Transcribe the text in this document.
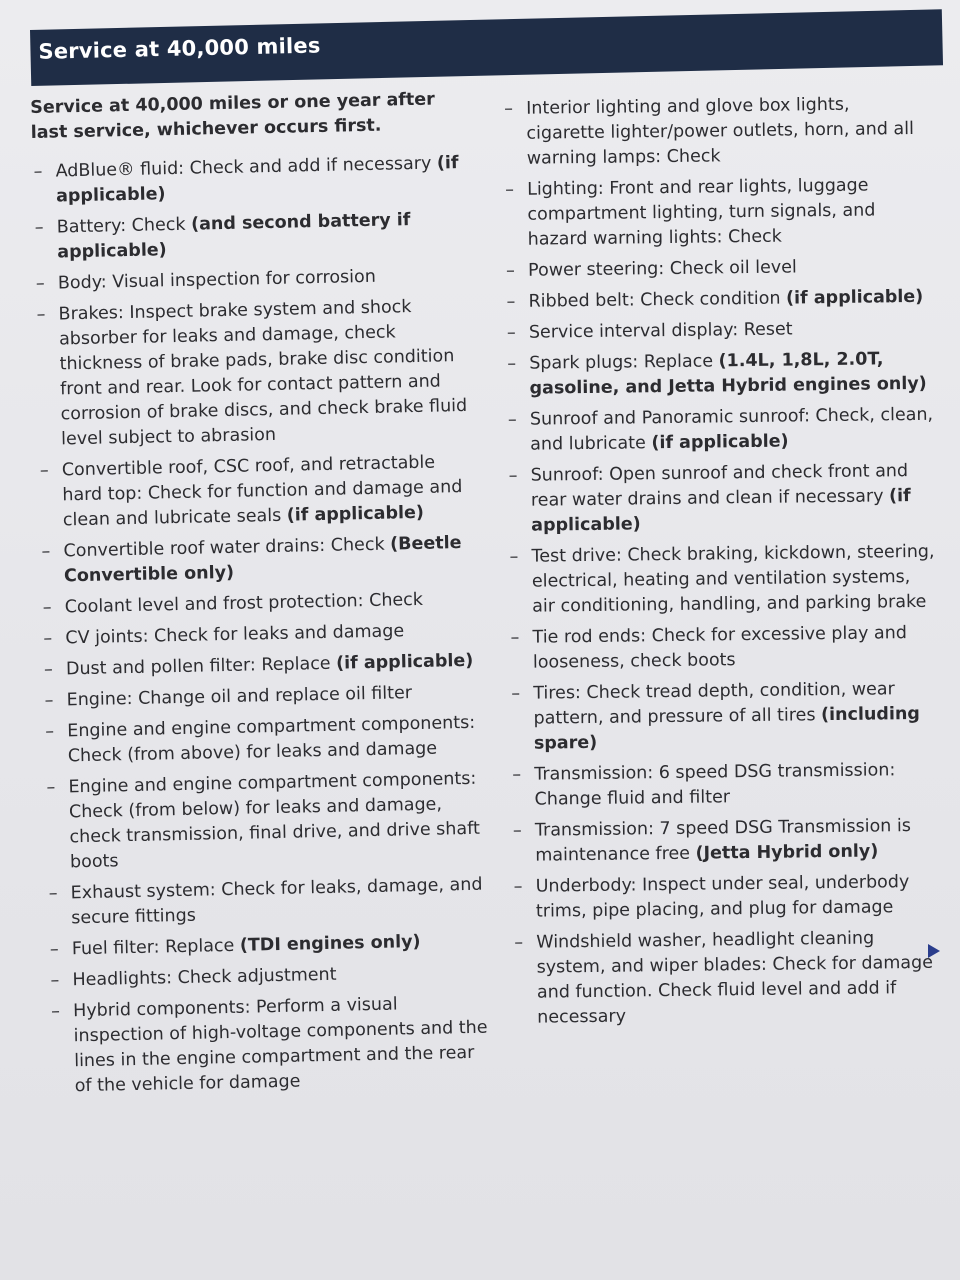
Service at 40,000 miles

Service at 40,000 miles or one year after last service, whichever occurs first.

– AdBlue® fluid: Check and add if necessary (if applicable)
– Battery: Check (and second battery if applicable)
– Body: Visual inspection for corrosion
– Brakes: Inspect brake system and shock absorber for leaks and damage, check thickness of brake pads, brake disc condition front and rear. Look for contact pattern and corrosion of brake discs, and check brake fluid level subject to abrasion
– Convertible roof, CSC roof, and retractable hard top: Check for function and damage and clean and lubricate seals (if applicable)
– Convertible roof water drains: Check (Beetle Convertible only)
– Coolant level and frost protection: Check
– CV joints: Check for leaks and damage
– Dust and pollen filter: Replace (if applicable)
– Engine: Change oil and replace oil filter
– Engine and engine compartment components: Check (from above) for leaks and damage
– Engine and engine compartment components: Check (from below) for leaks and damage, check transmission, final drive, and drive shaft boots
– Exhaust system: Check for leaks, damage, and secure fittings
– Fuel filter: Replace (TDI engines only)
– Headlights: Check adjustment
– Hybrid components: Perform a visual inspection of high-voltage components and the lines in the engine compartment and the rear of the vehicle for damage
– Interior lighting and glove box lights, cigarette lighter/power outlets, horn, and all warning lamps: Check
– Lighting: Front and rear lights, luggage compartment lighting, turn signals, and hazard warning lights: Check
– Power steering: Check oil level
– Ribbed belt: Check condition (if applicable)
– Service interval display: Reset
– Spark plugs: Replace (1.4L, 1,8L, 2.0T, gasoline, and Jetta Hybrid engines only)
– Sunroof and Panoramic sunroof: Check, clean, and lubricate (if applicable)
– Sunroof: Open sunroof and check front and rear water drains and clean if necessary (if applicable)
– Test drive: Check braking, kickdown, steering, electrical, heating and ventilation systems, air conditioning, handling, and parking brake
– Tie rod ends: Check for excessive play and looseness, check boots
– Tires: Check tread depth, condition, wear pattern, and pressure of all tires (including spare)
– Transmission: 6 speed DSG transmission: Change fluid and filter
– Transmission: 7 speed DSG Transmission is maintenance free (Jetta Hybrid only)
– Underbody: Inspect under seal, underbody trims, pipe placing, and plug for damage
– Windshield washer, headlight cleaning system, and wiper blades: Check for damage and function. Check fluid level and add if necessary
